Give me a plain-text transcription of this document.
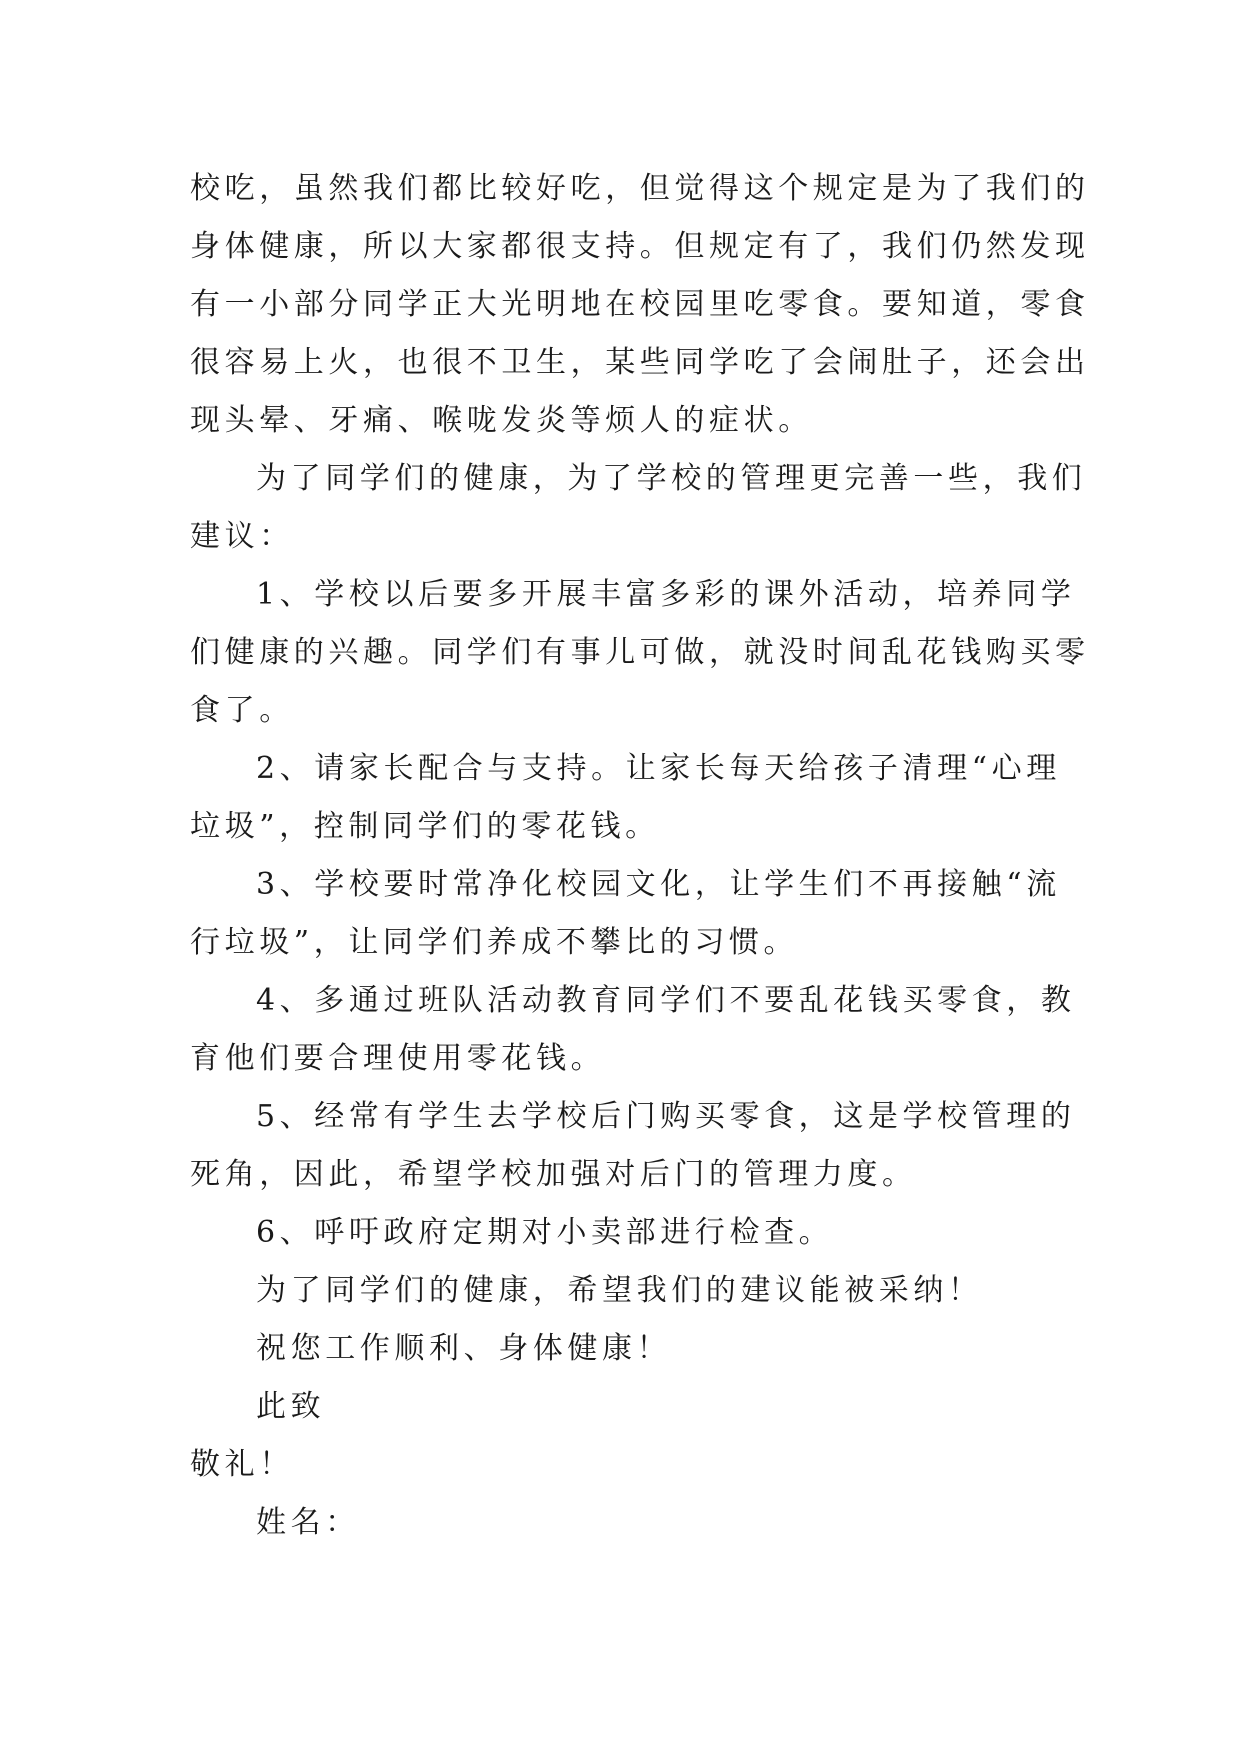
校吃，虽然我们都比较好吃，但觉得这个规定是为了我们的
身体健康，所以大家都很支持。但规定有了，我们仍然发现
有一小部分同学正大光明地在校园里吃零食。要知道，零食
很容易上火，也很不卫生，某些同学吃了会闹肚子，还会出
现头晕、牙痛、喉咙发炎等烦人的症状。
为了同学们的健康，为了学校的管理更完善一些，我们
建议：
1、学校以后要多开展丰富多彩的课外活动，培养同学
们健康的兴趣。同学们有事儿可做，就没时间乱花钱购买零
食了。
2、请家长配合与支持。让家长每天给孩子清理“心理
垃圾”，控制同学们的零花钱。
3、学校要时常净化校园文化，让学生们不再接触“流
行垃圾”，让同学们养成不攀比的习惯。
4、多通过班队活动教育同学们不要乱花钱买零食，教
育他们要合理使用零花钱。
5、经常有学生去学校后门购买零食，这是学校管理的
死角，因此，希望学校加强对后门的管理力度。
6、呼吁政府定期对小卖部进行检查。
为了同学们的健康，希望我们的建议能被采纳！
祝您工作顺利、身体健康！
此致
敬礼！
姓名：
